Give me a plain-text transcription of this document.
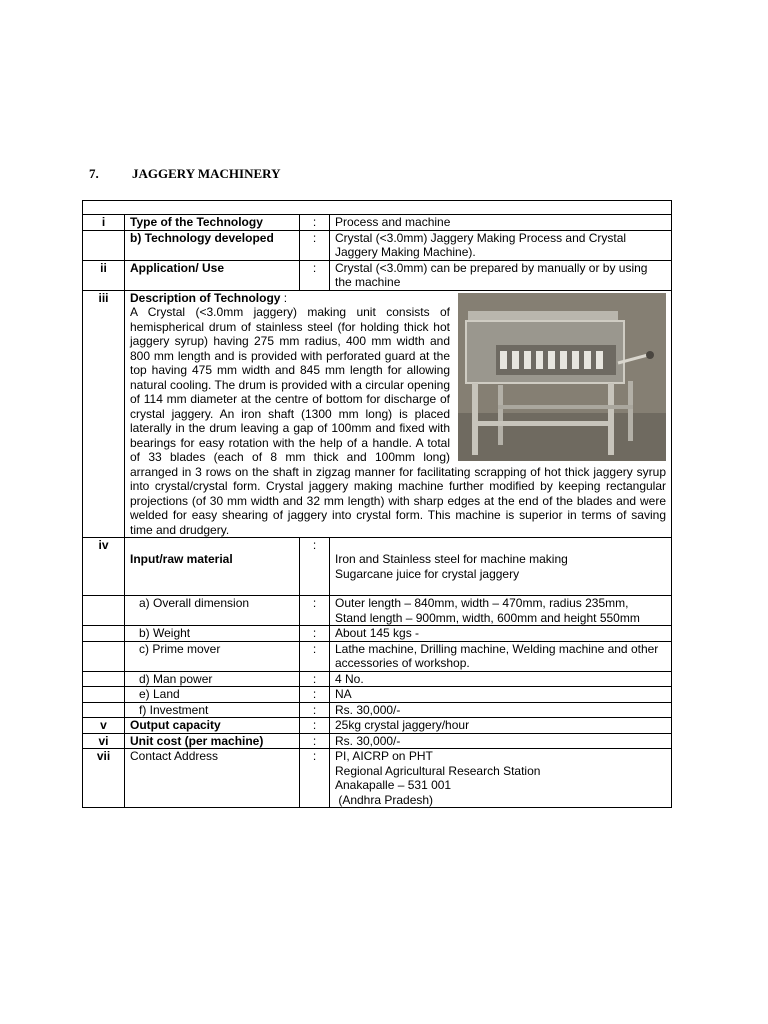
7.	JAGGERY MACHINERY

i	Type of the Technology	:	Process and machine
	b) Technology developed	:	Crystal (<3.0mm) Jaggery Making Process and Crystal Jaggery Making Machine).
ii	Application/ Use	:	Crystal (<3.0mm) can be prepared by manually or by using the machine
iii	Description of Technology :
A Crystal (<3.0mm jaggery) making unit consists of hemispherical drum of stainless steel (for holding thick hot jaggery syrup) having 275 mm radius, 400 mm width and 800 mm length and is provided with perforated guard at the top having 475 mm width and 845 mm length for allowing natural cooling. The drum is provided with a circular opening of 114 mm diameter at the centre of bottom for discharge of crystal jaggery. An iron shaft (1300 mm long) is placed laterally in the drum leaving a gap of 100mm and fixed with bearings for easy rotation with the help of a handle. A total of 33 blades (each of 8 mm thick and 100mm long) arranged in 3 rows on the shaft in zigzag manner for facilitating scrapping of hot thick jaggery syrup into crystal/crystal form. Crystal jaggery making machine further modified by keeping rectangular projections (of 30 mm width and 32 mm length) with sharp edges at the end of the blades and were welded for easy shearing of jaggery into crystal form. This machine is superior in terms of saving time and drudgery.		
iv	Input/raw material	:	Iron and Stainless steel for machine making
Sugarcane juice for crystal jaggery

	a) Overall dimension	:	Outer length – 840mm, width – 470mm, radius 235mm,
Stand length – 900mm, width, 600mm and height 550mm
	b) Weight	:	About 145 kgs -
	c) Prime mover	:	Lathe machine, Drilling machine, Welding machine and other accessories of workshop.
	d) Man power	:	4 No.
	e) Land	:	NA
	f) Investment	:	Rs. 30,000/-
v	Output capacity	:	25kg crystal jaggery/hour
vi	Unit cost (per machine)	:	Rs. 30,000/-
vii	Contact Address	:	PI, AICRP on PHT
Regional Agricultural Research Station
Anakapalle – 531 001
(Andhra Pradesh)
